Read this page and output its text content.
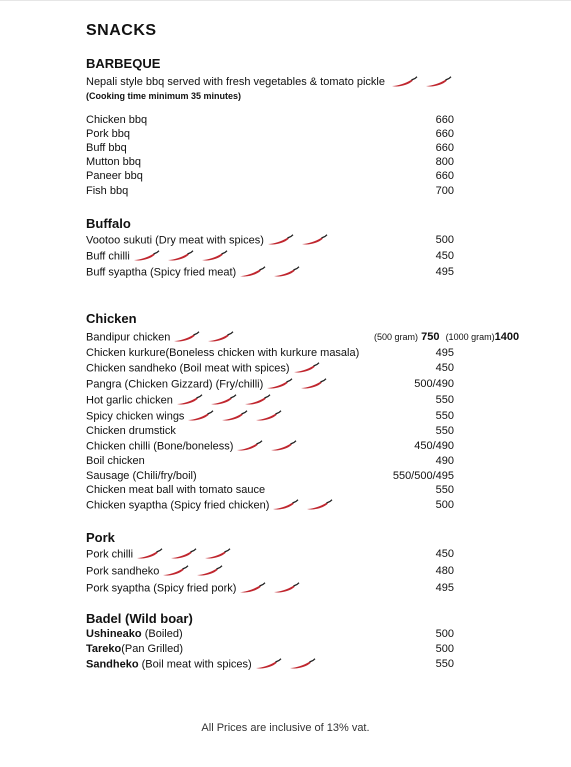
SNACKS
BARBEQUE
Nepali style bbq served with fresh vegetables & tomato pickle
(Cooking time minimum 35 minutes)
Chicken bbq	660
Pork bbq	660
Buff bbq	660
Mutton bbq	800
Paneer bbq	660
Fish bbq	700
Buffalo
Vootoo sukuti (Dry meat with spices)	500
Buff chilli	450
Buff syaptha (Spicy fried meat)	495
Chicken
Bandipur chicken	(500 gram) 750 (1000 gram)1400
Chicken kurkure(Boneless chicken with kurkure masala)	495
Chicken sandheko (Boil meat with spices)	450
Pangra (Chicken Gizzard) (Fry/chilli)	500/490
Hot garlic chicken	550
Spicy chicken wings	550
Chicken drumstick	550
Chicken chilli (Bone/boneless)	450/490
Boil chicken	490
Sausage (Chili/fry/boil)	550/500/495
Chicken meat ball with tomato sauce	550
Chicken syaptha (Spicy fried chicken)	500
Pork
Pork chilli	450
Pork sandheko	480
Pork syaptha (Spicy fried pork)	495
Badel (Wild boar)
Ushineako (Boiled)	500
Tareko(Pan Grilled)	500
Sandheko (Boil meat with spices)	550
All Prices are inclusive of 13% vat.
